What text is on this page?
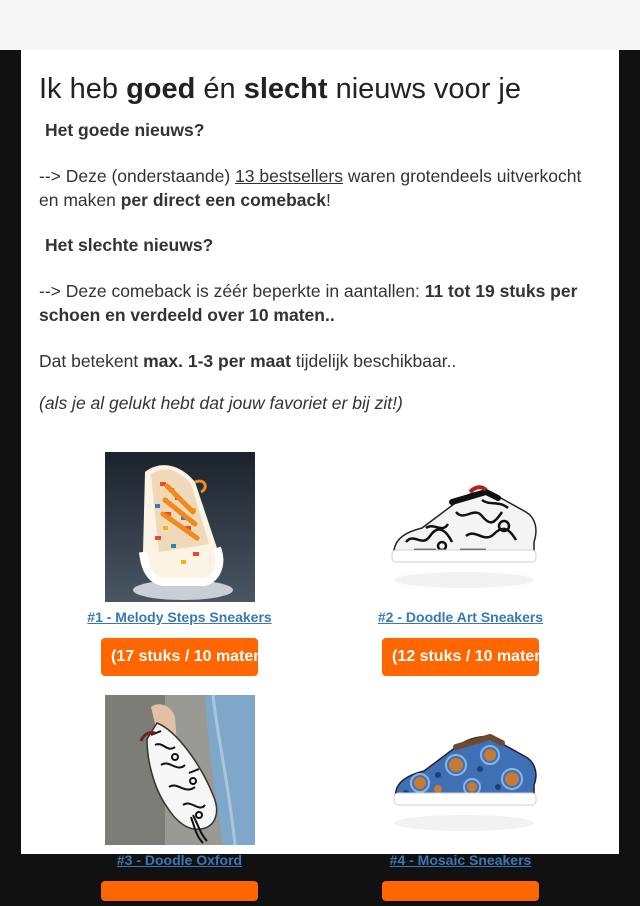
Ik heb goed én slecht nieuws voor je
Het goede nieuws?

--> Deze (onderstaande) 13 bestsellers waren grotendeels uitverkocht en maken per direct een comeback!

Het slechte nieuws?

--> Deze comeback is zéér beperkte in aantallen: 11 tot 19 stuks per schoen en verdeeld over 10 maten..

Dat betekent max. 1-3 per maat tijdelijk beschikbaar..

(als je al gelukt hebt dat jouw favoriet er bij zit!)

#1 - Melody Steps Sneakers
(17 stuks / 10 maten)
#2 - Doodle Art Sneakers
(12 stuks / 10 maten)
#3 - Doodle Oxford	#4 - Mosaic Sneakers
